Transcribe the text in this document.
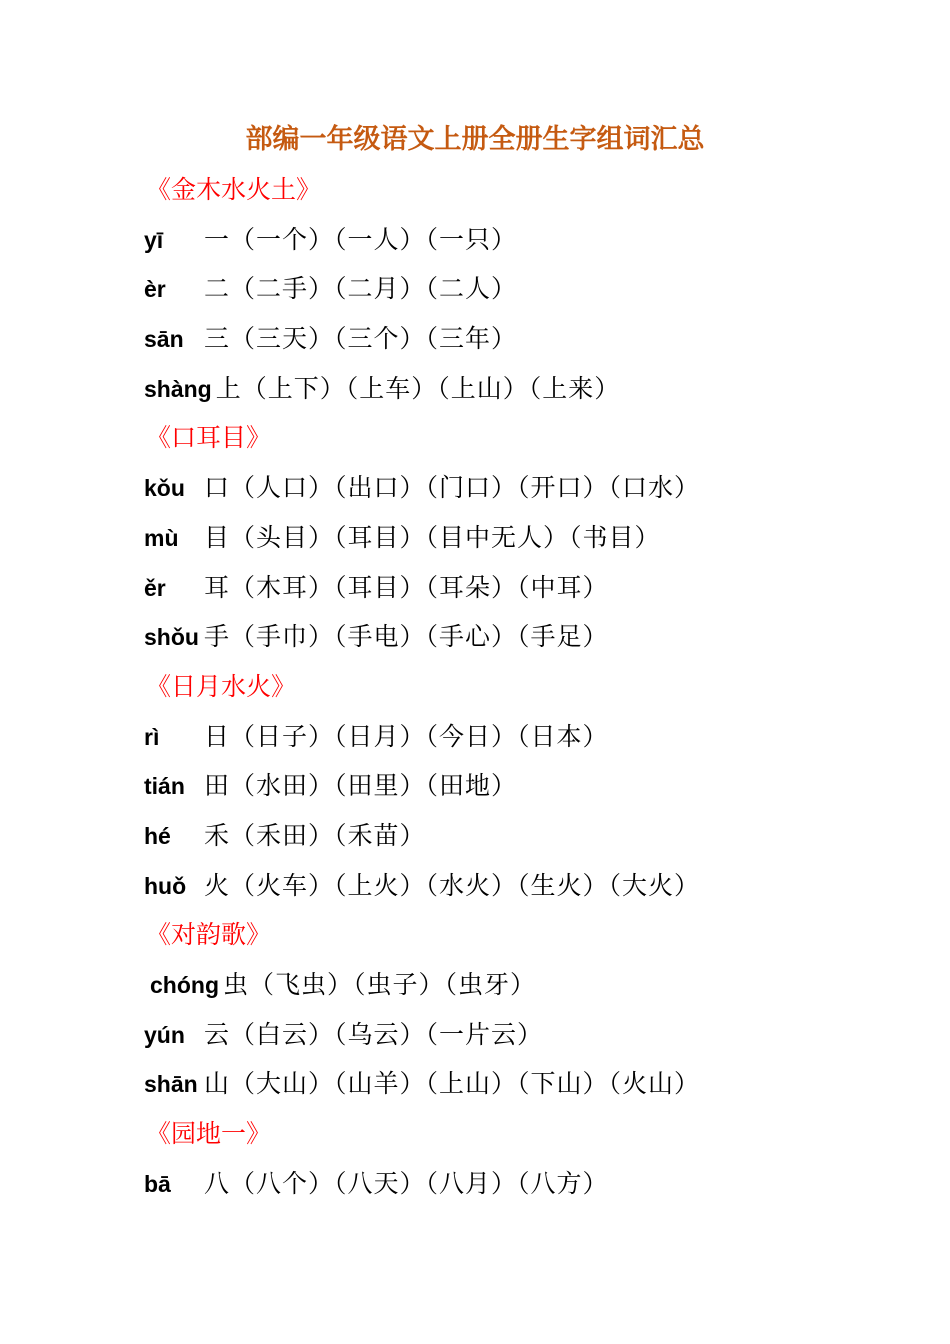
部编一年级语文上册全册生字组词汇总
《金木水火土》
yī 一（一个）（一人）（一只）
èr 二（二手）（二月）（二人）
sān 三（三天）（三个）（三年）
shàng 上（上下）（上车）（上山）（上来）
《口耳目》
kǒu 口（人口）（出口）（门口）（开口）（口水）
mù 目（头目）（耳目）（目中无人）（书目）
ěr 耳（木耳）（耳目）（耳朵）（中耳）
shǒu 手（手巾）（手电）（手心）（手足）
《日月水火》
rì 日（日子）（日月）（今日）（日本）
tián 田（水田）（田里）（田地）
hé 禾（禾田）（禾苗）
huǒ 火（火车）（上火）（水火）（生火）（大火）
《对韵歌》
chóng 虫（飞虫）（虫子）（虫牙）
yún 云（白云）（乌云）（一片云）
shān 山（大山）（山羊）（上山）（下山）（火山）
《园地一》
bā 八（八个）（八天）（八月）（八方）
